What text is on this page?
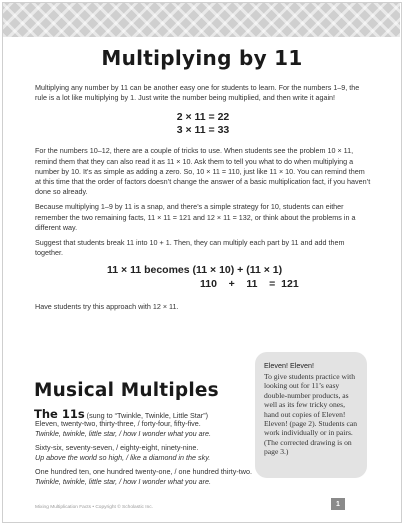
Multiplying by 11

Multiplying any number by 11 can be another easy one for students to learn. For the numbers 1–9, the rule is a lot like multiplying by 1. Just write the number being multiplied, and then write it again!

2 × 11 = 22
3 × 11 = 33

For the numbers 10–12, there are a couple of tricks to use. When students see the problem 10 × 11, remind them that they can also read it as 11 × 10. Ask them to tell you what to do when multiplying a number by 10. It’s as simple as adding a zero. So, 10 × 11 = 110, just like 11 × 10. You can remind them at this time that the order of factors doesn’t change the answer of a basic multiplication fact, if you haven’t done so already.

Because multiplying 1–9 by 11 is a snap, and there’s a simple strategy for 10, students can either remember the two remaining facts, 11 × 11 = 121 and 12 × 11 = 132, or think about the problems in a different way.

Suggest that students break 11 into 10 + 1. Then, they can multiply each part by 11 and add them together.

11 × 11 becomes (11 × 10) + (11 × 1)
110    +    11    =  121

Have students try this approach with 12 × 11.

Eleven! Eleven!
To give students practice with looking out for 11’s easy double-number products, as well as its few tricky ones, hand out copies of Eleven! Eleven! (page 2). Students can work individually or in pairs. (The corrected drawing is on page 3.)
Musical Multiples
The 11s (sung to “Twinkle, Twinkle, Little Star”)
Eleven, twenty-two, thirty-three, / forty-four, fifty-five.
Twinkle, twinkle, little star, / how I wonder what you are.
Sixty-six, seventy-seven, / eighty-eight, ninety-nine.
Up above the world so high, / like a diamond in the sky.
One hundred ten, one hundred twenty-one, / one hundred thirty-two.
Twinkle, twinkle, little star, / how I wonder what you are.
Mixing Multiplication Facts • Copyright © Scholastic Inc.	1
